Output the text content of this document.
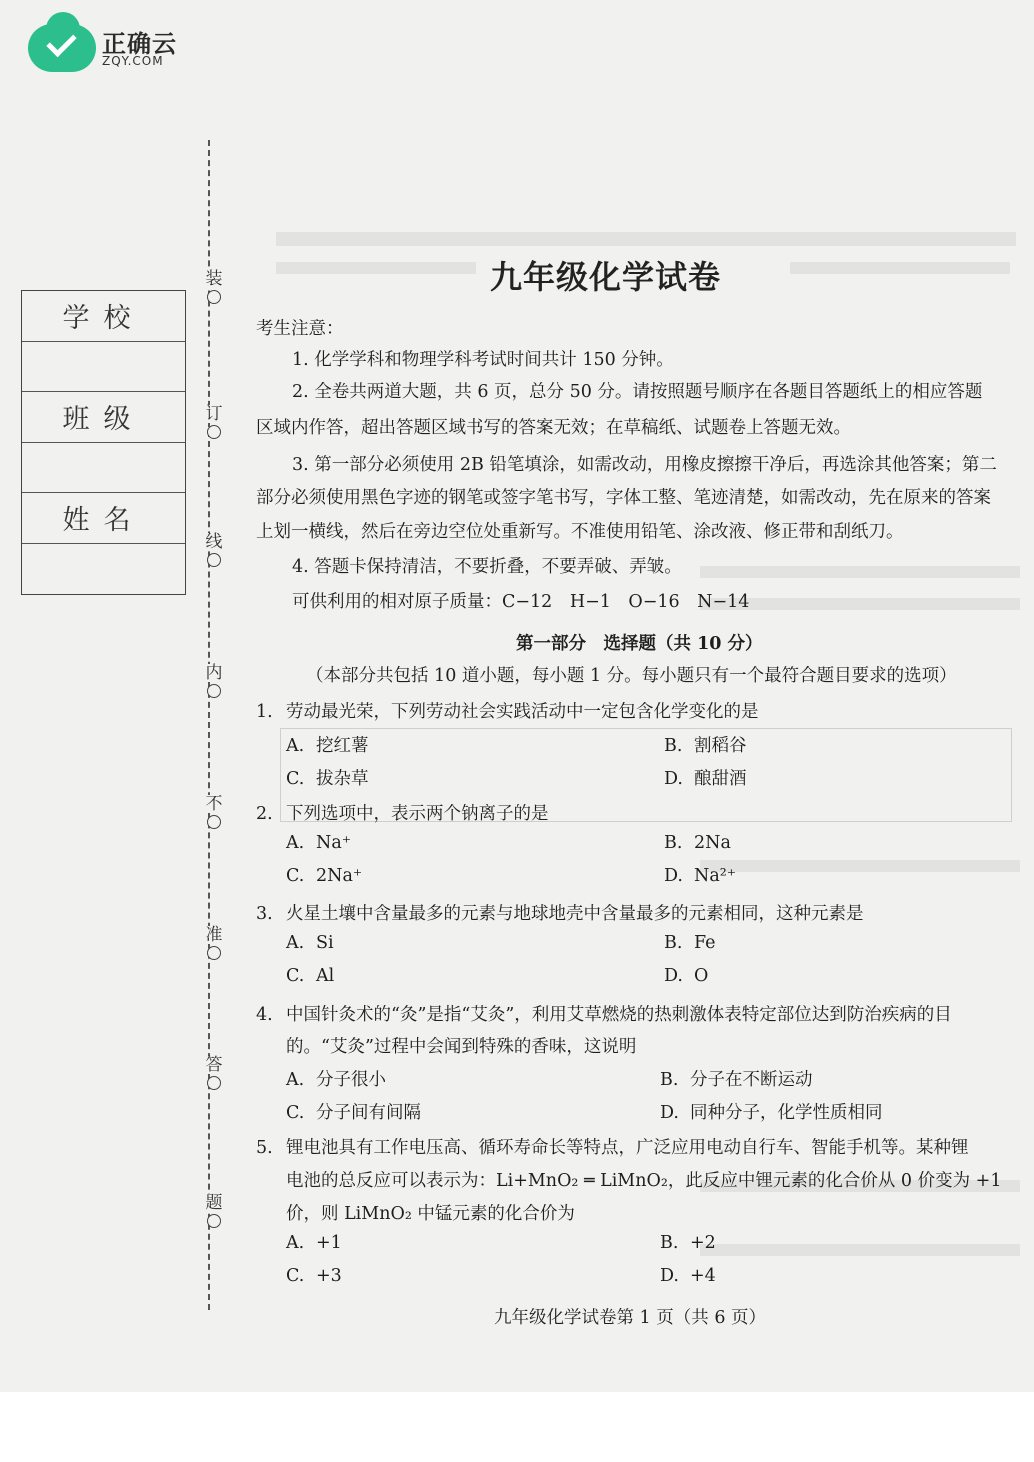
正确云
ZQY.COM
学校
班级
姓名
装
订
线
内
不
准
答
题
九年级化学试卷
考生注意：
1. 化学学科和物理学科考试时间共计 150 分钟。
2. 全卷共两道大题，共 6 页，总分 50 分。请按照题号顺序在各题目答题纸上的相应答题
区域内作答，超出答题区域书写的答案无效；在草稿纸、试题卷上答题无效。
3. 第一部分必须使用 2B 铅笔填涂，如需改动，用橡皮擦擦干净后，再选涂其他答案；第二
部分必须使用黑色字迹的钢笔或签字笔书写，字体工整、笔迹清楚，如需改动，先在原来的答案
上划一横线，然后在旁边空位处重新写。不准使用铅笔、涂改液、修正带和刮纸刀。
4. 答题卡保持清洁，不要折叠，不要弄破、弄皱。
可供利用的相对原子质量：C−12　H−1　O−16　N−14
第一部分　选择题（共 10 分）
（本部分共包括 10 道小题，每小题 1 分。每小题只有一个最符合题目要求的选项）
1. 劳动最光荣，下列劳动社会实践活动中一定包含化学变化的是
A. 挖红薯	B. 割稻谷
C. 拔杂草	D. 酿甜酒
2. 下列选项中，表示两个钠离子的是
A. Na⁺	B. 2Na
C. 2Na⁺	D. Na²⁺
3. 火星土壤中含量最多的元素与地球地壳中含量最多的元素相同，这种元素是
A. Si	B. Fe
C. Al	D. O
4. 中国针灸术的“灸”是指“艾灸”，利用艾草燃烧的热刺激体表特定部位达到防治疾病的目
的。“艾灸”过程中会闻到特殊的香味，这说明
A. 分子很小	B. 分子在不断运动
C. 分子间有间隔	D. 同种分子，化学性质相同
5. 锂电池具有工作电压高、循环寿命长等特点，广泛应用电动自行车、智能手机等。某种锂
电池的总反应可以表示为：Li+MnO₂ ═ LiMnO₂，此反应中锂元素的化合价从 0 价变为 +1
价，则 LiMnO₂ 中锰元素的化合价为
A. +1	B. +2
C. +3	D. +4
九年级化学试卷第 1 页（共 6 页）
